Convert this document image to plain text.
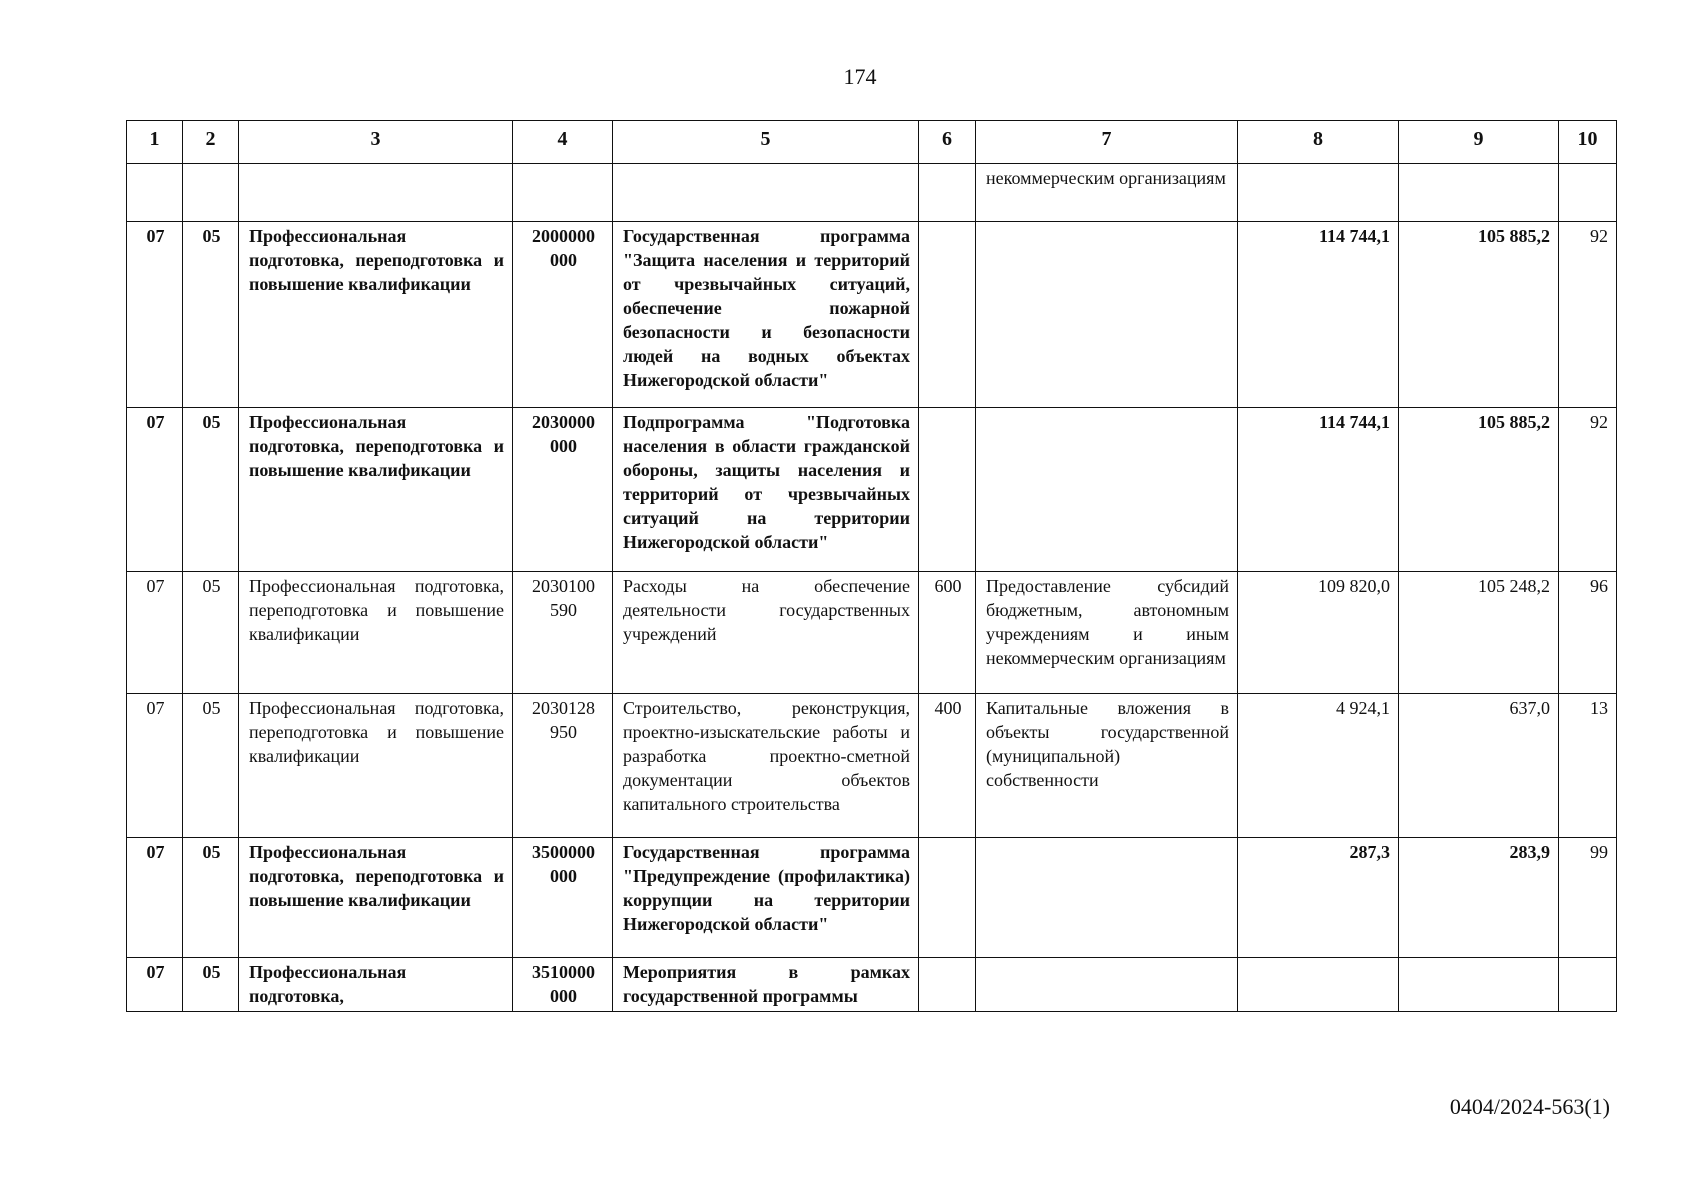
174
1	2	3	4	5	6	7	8	9	10
						некоммерческим организациям			
07	05	Профессиональная подготовка, переподготовка и повышение квалификации	2000000 000	Государственная программа "Защита населения и территорий от чрезвычайных ситуаций, обеспечение пожарной безопасности и безопасности людей на водных объектах Нижегородской области"			114 744,1	105 885,2	92
07	05	Профессиональная подготовка, переподготовка и повышение квалификации	2030000 000	Подпрограмма "Подготовка населения в области гражданской обороны, защиты населения и территорий от чрезвычайных ситуаций на территории Нижегородской области"			114 744,1	105 885,2	92
07	05	Профессиональная подготовка, переподготовка и повышение квалификации	2030100 590	Расходы на обеспечение деятельности государственных учреждений	600	Предоставление субсидий бюджетным, автономным учреждениям и иным некоммерческим организациям	109 820,0	105 248,2	96
07	05	Профессиональная подготовка, переподготовка и повышение квалификации	2030128 950	Строительство, реконструкция, проектно-изыскательские работы и разработка проектно-сметной документации объектов капитального строительства	400	Капитальные вложения в объекты государственной (муниципальной) собственности	4 924,1	637,0	13
07	05	Профессиональная подготовка, переподготовка и повышение квалификации	3500000 000	Государственная программа "Предупреждение (профилактика) коррупции на территории Нижегородской области"			287,3	283,9	99
07	05	Профессиональная подготовка,	3510000 000	Мероприятия в рамках государственной программы					
0404/2024-563(1)
